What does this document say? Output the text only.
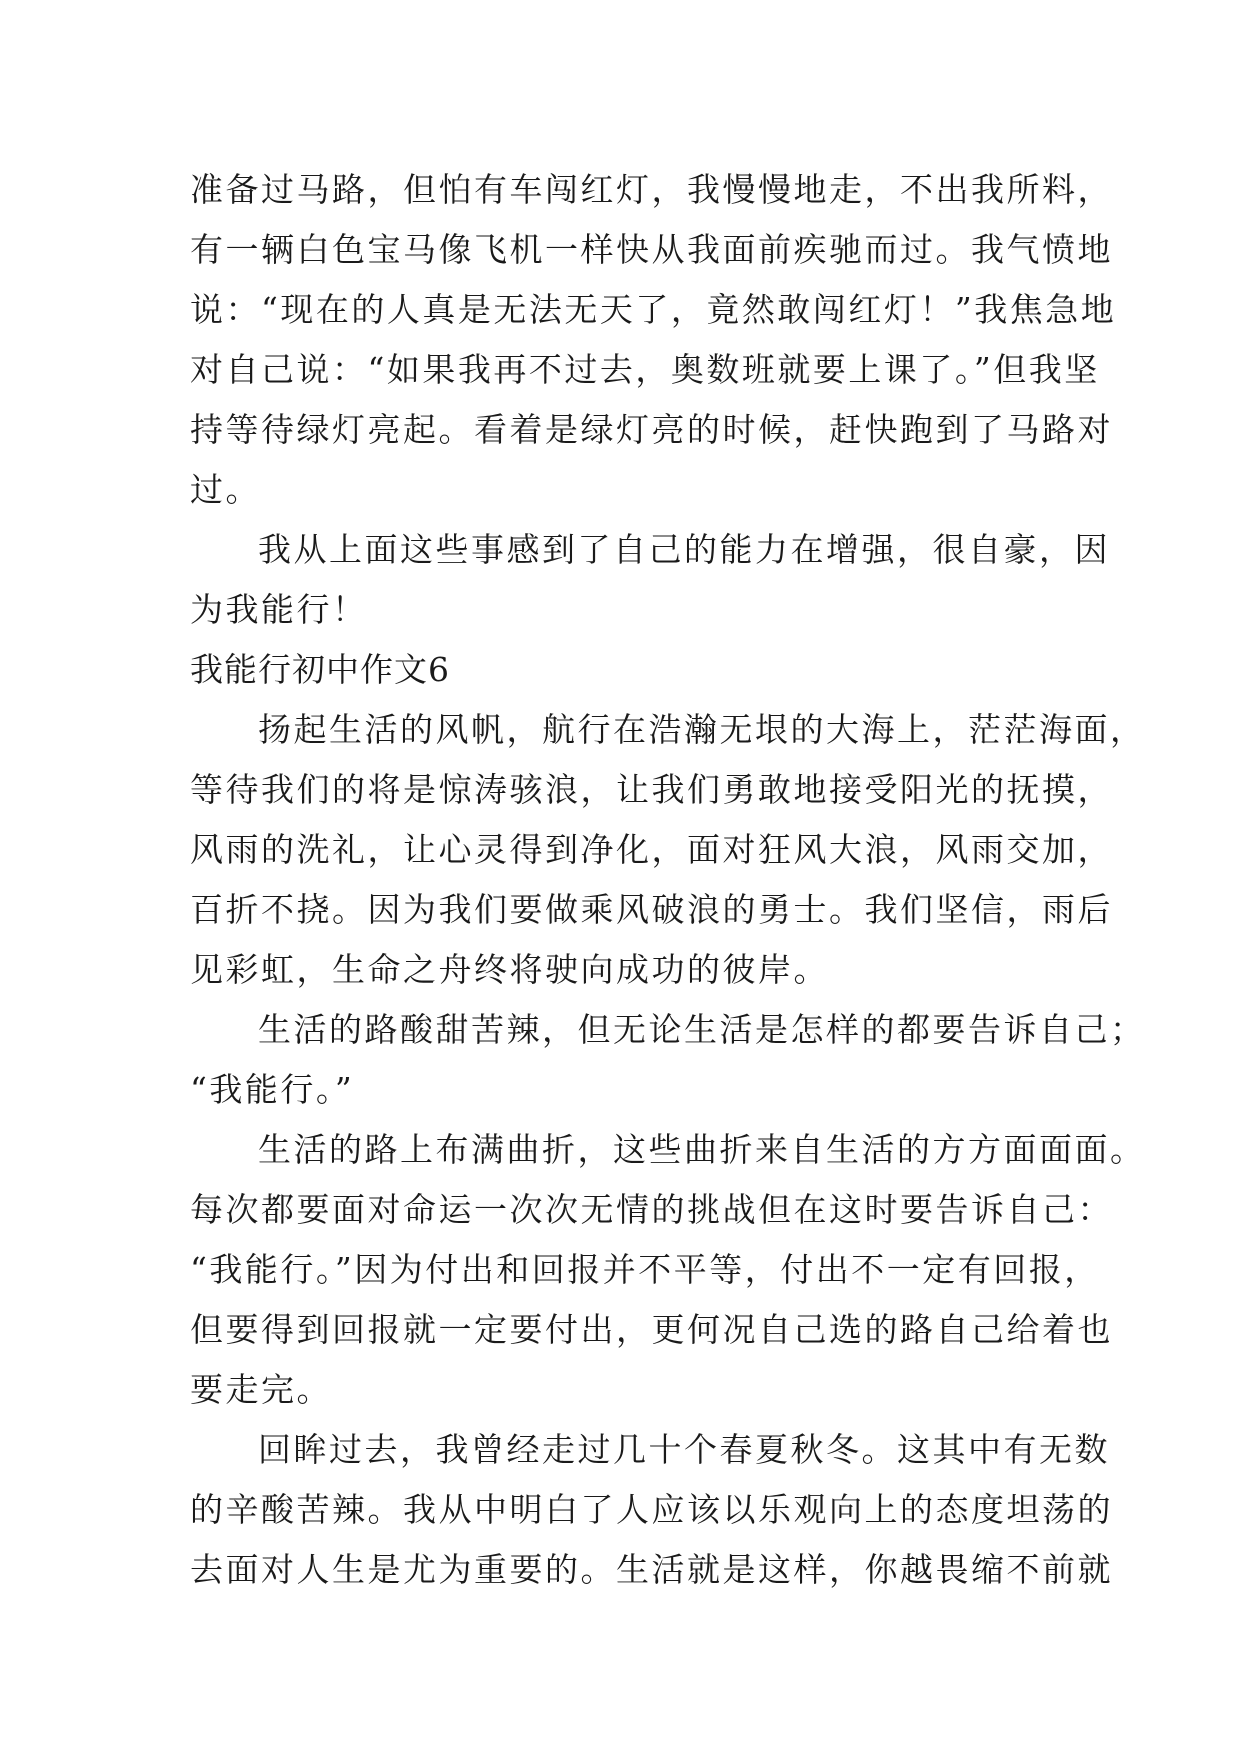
准备过马路，但怕有车闯红灯，我慢慢地走，不出我所料，
有一辆白色宝马像飞机一样快从我面前疾驰而过。我气愤地
说：“现在的人真是无法无天了，竟然敢闯红灯！”我焦急地
对自己说：“如果我再不过去，奥数班就要上课了。”但我坚
持等待绿灯亮起。看着是绿灯亮的时候，赶快跑到了马路对
过。
我从上面这些事感到了自己的能力在增强，很自豪，因
为我能行！
我能行初中作文6
扬起生活的风帆，航行在浩瀚无垠的大海上，茫茫海面，
等待我们的将是惊涛骇浪，让我们勇敢地接受阳光的抚摸，
风雨的洗礼，让心灵得到净化，面对狂风大浪，风雨交加，
百折不挠。因为我们要做乘风破浪的勇士。我们坚信，雨后
见彩虹，生命之舟终将驶向成功的彼岸。
生活的路酸甜苦辣，但无论生活是怎样的都要告诉自己；
“我能行。”
生活的路上布满曲折，这些曲折来自生活的方方面面面。
每次都要面对命运一次次无情的挑战但在这时要告诉自己：
“我能行。”因为付出和回报并不平等，付出不一定有回报，
但要得到回报就一定要付出，更何况自己选的路自己给着也
要走完。
回眸过去，我曾经走过几十个春夏秋冬。这其中有无数
的辛酸苦辣。我从中明白了人应该以乐观向上的态度坦荡的
去面对人生是尤为重要的。生活就是这样，你越畏缩不前就
